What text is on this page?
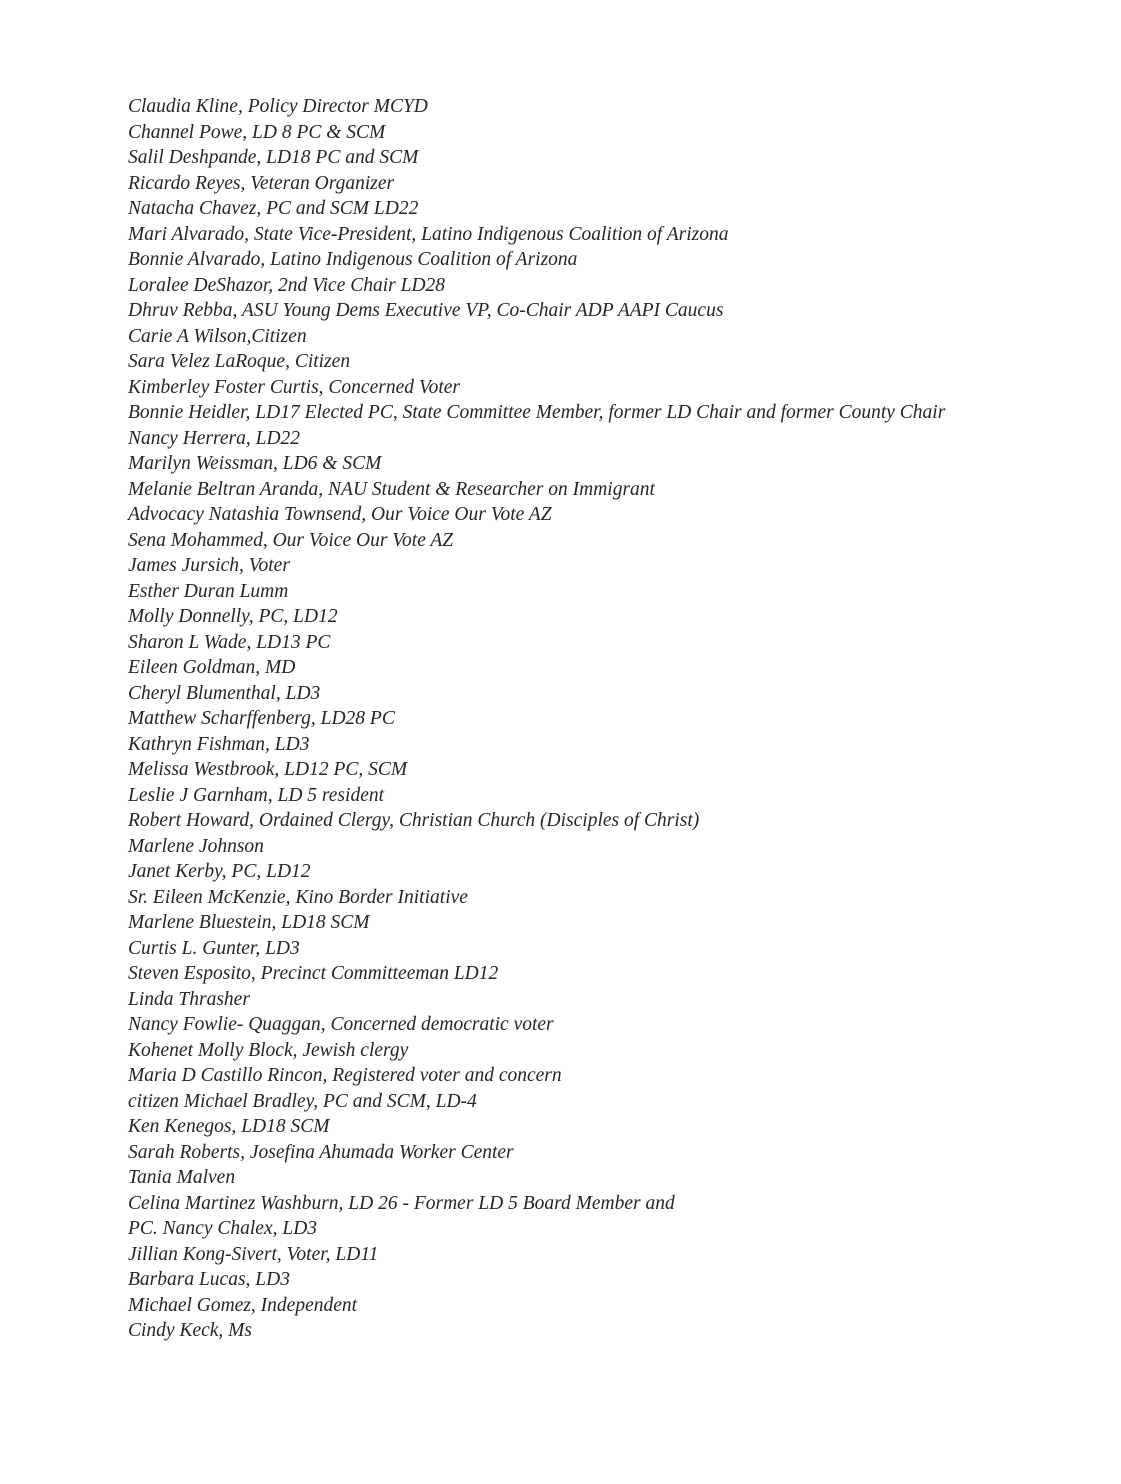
Claudia Kline, Policy Director MCYD
Channel Powe, LD 8 PC & SCM
Salil Deshpande, LD18 PC and SCM
Ricardo Reyes, Veteran Organizer
Natacha Chavez, PC and SCM LD22
Mari Alvarado, State Vice-President, Latino Indigenous Coalition of Arizona
Bonnie Alvarado, Latino Indigenous Coalition of Arizona
Loralee DeShazor, 2nd Vice Chair LD28
Dhruv Rebba, ASU Young Dems Executive VP, Co-Chair ADP AAPI Caucus
Carie A Wilson,Citizen
Sara Velez LaRoque, Citizen
Kimberley Foster Curtis, Concerned Voter
Bonnie Heidler, LD17 Elected PC, State Committee Member, former LD Chair and former County Chair
Nancy Herrera, LD22
Marilyn Weissman, LD6 & SCM
Melanie Beltran Aranda, NAU Student & Researcher on Immigrant
Advocacy Natashia Townsend, Our Voice Our Vote AZ
Sena Mohammed, Our Voice Our Vote AZ
James Jursich, Voter
Esther Duran Lumm
Molly Donnelly, PC, LD12
Sharon L Wade, LD13 PC
Eileen Goldman, MD
Cheryl Blumenthal, LD3
Matthew Scharffenberg, LD28 PC
Kathryn Fishman, LD3
Melissa Westbrook, LD12 PC, SCM
Leslie J Garnham, LD 5 resident
Robert Howard, Ordained Clergy, Christian Church (Disciples of Christ)
Marlene Johnson
Janet Kerby, PC, LD12
Sr. Eileen McKenzie, Kino Border Initiative
Marlene Bluestein, LD18 SCM
Curtis L. Gunter, LD3
Steven Esposito, Precinct Committeeman LD12
Linda Thrasher
Nancy Fowlie- Quaggan, Concerned democratic voter
Kohenet Molly Block, Jewish clergy
Maria D Castillo Rincon, Registered voter and concern
citizen Michael Bradley, PC and SCM, LD-4
Ken Kenegos, LD18 SCM
Sarah Roberts, Josefina Ahumada Worker Center
Tania Malven
Celina Martinez Washburn, LD 26 - Former LD 5 Board Member and
PC. Nancy Chalex, LD3
Jillian Kong-Sivert, Voter, LD11
Barbara Lucas, LD3
Michael Gomez, Independent
Cindy Keck, Ms
